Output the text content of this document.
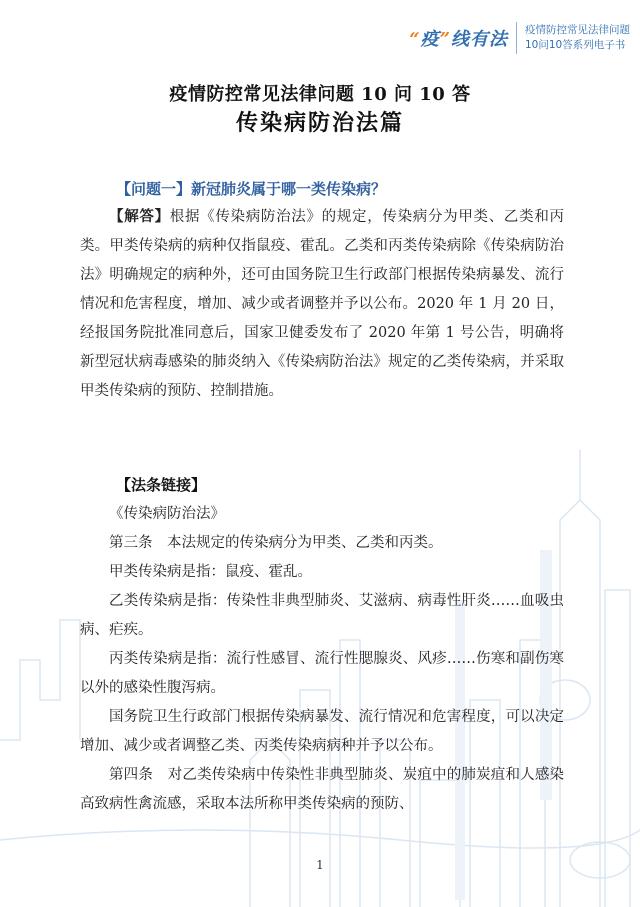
“疫”线有法 疫情防控常见法律问题
10问10答系列电子书
疫情防控常见法律问题 10 问 10 答
传染病防治法篇
【问题一】新冠肺炎属于哪一类传染病？

【解答】根据《传染病防治法》的规定，传染病分为甲类、乙类和丙类。甲类传染病的病种仅指鼠疫、霍乱。乙类和丙类传染病除《传染病防治法》明确规定的病种外，还可由国务院卫生行政部门根据传染病暴发、流行情况和危害程度，增加、减少或者调整并予以公布。2020 年 1 月 20 日，经报国务院批准同意后，国家卫健委发布了 2020 年第 1 号公告，明确将新型冠状病毒感染的肺炎纳入《传染病防治法》规定的乙类传染病，并采取甲类传染病的预防、控制措施。

【法条链接】

《传染病防治法》

第三条　本法规定的传染病分为甲类、乙类和丙类。

甲类传染病是指：鼠疫、霍乱。

乙类传染病是指：传染性非典型肺炎、艾滋病、病毒性肝炎……血吸虫病、疟疾。

丙类传染病是指：流行性感冒、流行性腮腺炎、风疹……伤寒和副伤寒以外的感染性腹泻病。

国务院卫生行政部门根据传染病暴发、流行情况和危害程度，可以决定增加、减少或者调整乙类、丙类传染病病种并予以公布。

第四条　对乙类传染病中传染性非典型肺炎、炭疽中的肺炭疽和人感染高致病性禽流感，采取本法所称甲类传染病的预防、

1
